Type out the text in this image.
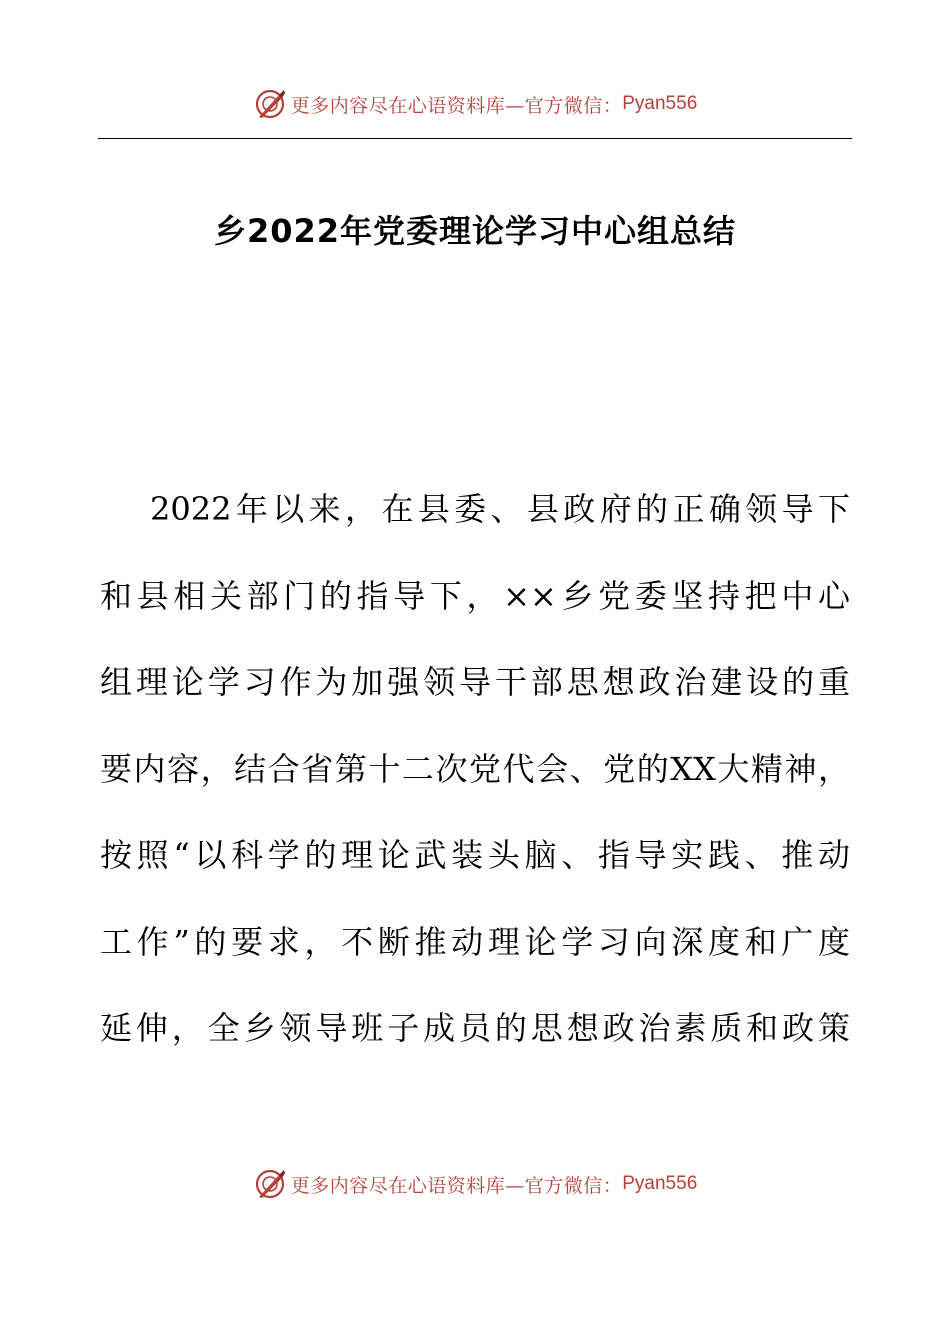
更多内容尽在心语资料库—官方微信： Pyan556
乡2022年党委理论学习中心组总结
2022年以来，在县委、县政府的正确领导下
和县相关部门的指导下，××乡党委坚持把中心
组理论学习作为加强领导干部思想政治建设的重
要内容，结合省第十二次党代会、党的XX大精神，
按照“以科学的理论武装头脑、指导实践、推动
工作”的要求，不断推动理论学习向深度和广度
延伸，全乡领导班子成员的思想政治素质和政策
更多内容尽在心语资料库—官方微信： Pyan556
